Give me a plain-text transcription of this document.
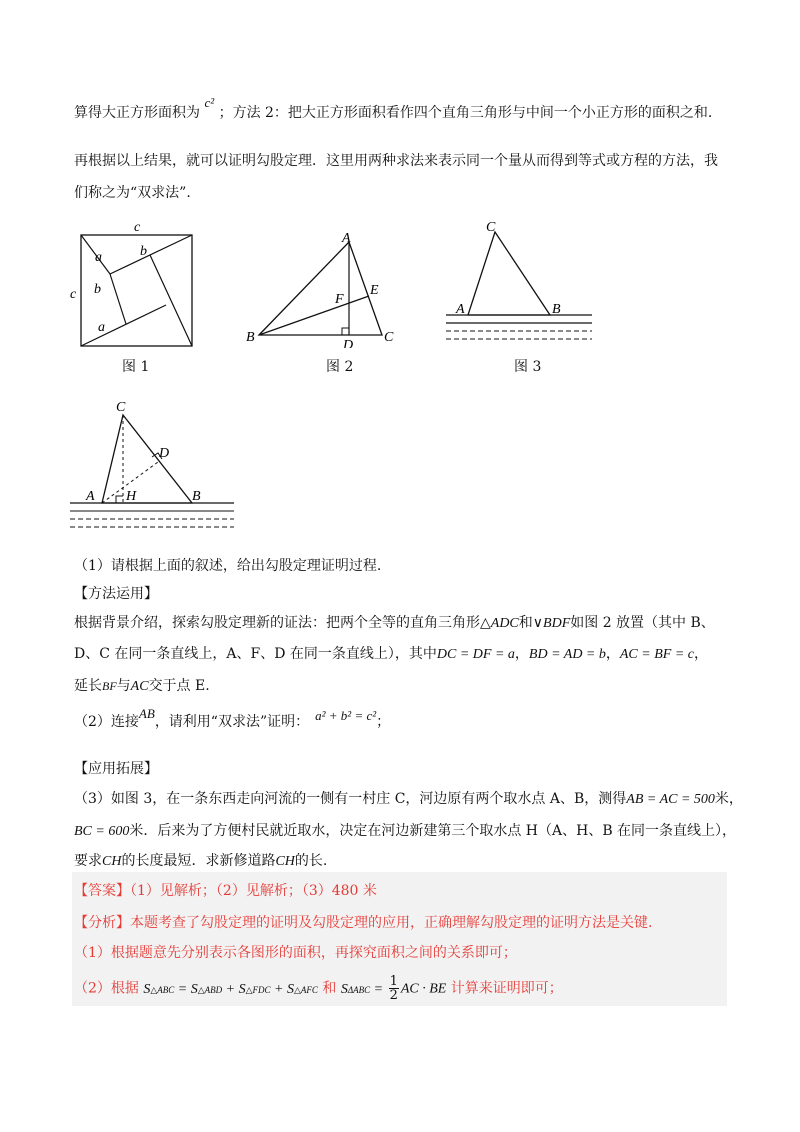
算得大正方形面积为 c² ；方法 2：把大正方形面积看作四个直角三角形与中间一个小正方形的面积之和.
再根据以上结果，就可以证明勾股定理．这里用两种求法来表示同一个量从而得到等式或方程的方法，我
们称之为“双求法”.
c
c
a
b
b
a
图 1
A
B	C
D
E
F
图 2
C
A	B
图 3
C
D
A H	B
（1）请根据上面的叙述，给出勾股定理证明过程.
【方法运用】
根据背景介绍，探索勾股定理新的证法：把两个全等的直角三角形△ADC和∨BDF如图 2 放置（其中 B、
D、C 在同一条直线上，A、F、D 在同一条直线上），其中DC = DF = a，BD = AD = b，AC = BF = c，
延长BF与AC交于点 E.
（2）连接AB，请利用“双求法”证明： a² + b² = c²；
【应用拓展】
（3）如图 3，在一条东西走向河流的一侧有一村庄 C，河边原有两个取水点 A、B，测得AB = AC = 500米，
BC = 600米．后来为了方便村民就近取水，决定在河边新建第三个取水点 H（A、H、B 在同一条直线上），
要求CH的长度最短．求新修道路CH的长.
【答案】（1）见解析；（2）见解析；（3）480 米
【分析】本题考查了勾股定理的证明及勾股定理的应用，正确理解勾股定理的证明方法是关键.
（1）根据题意先分别表示各图形的面积，再探究面积之间的关系即可；
（2）根据 S△ABC = S△ABD + S△FDC + S△AFC 和 $S\Delta ABC = \frac{1}{2}$ AC · BE 计算来证明即可；
